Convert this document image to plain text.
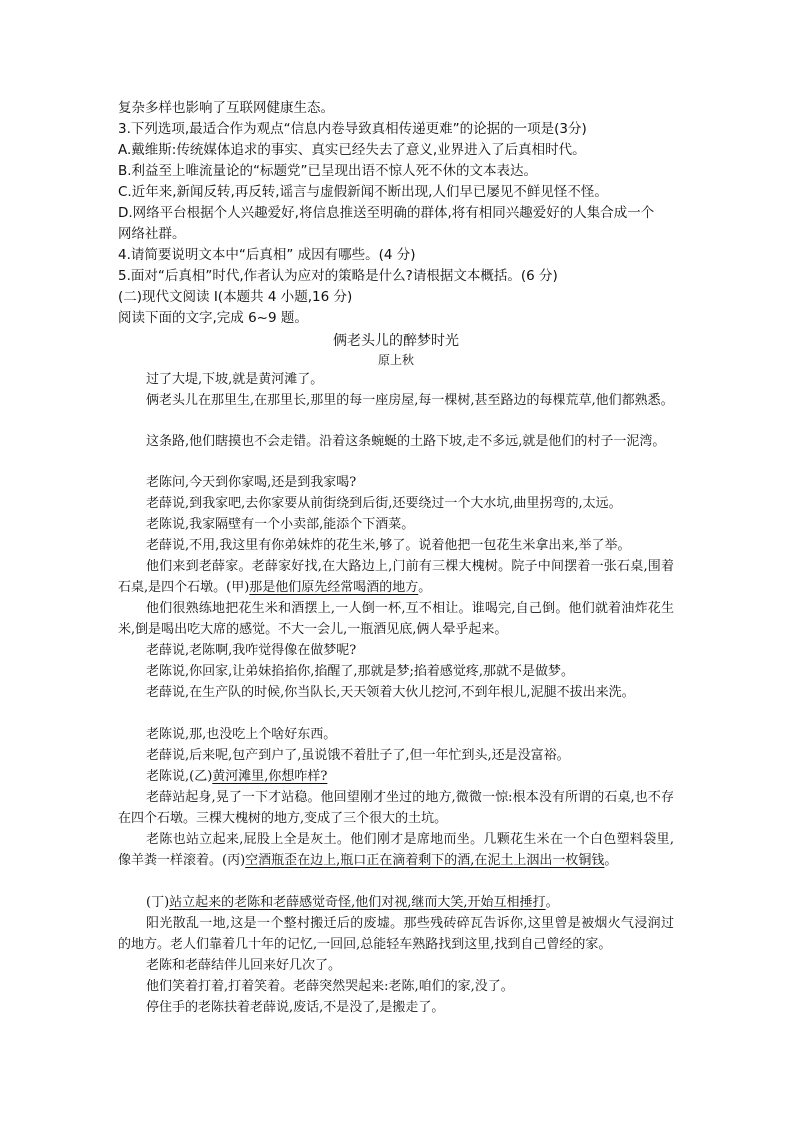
复杂多样也影响了互联网健康生态。
3.下列选项,最适合作为观点“信息内卷导致真相传递更难”的论据的一项是(3分)
A.戴维斯:传统媒体追求的事实、真实已经失去了意义,业界进入了后真相时代。
B.利益至上唯流量论的“标题党”已呈现出语不惊人死不休的文本表达。
C.近年来,新闻反转,再反转,谣言与虚假新闻不断出现,人们早已屡见不鲜见怪不怪。
D.网络平台根据个人兴趣爱好,将信息推送至明确的群体,将有相同兴趣爱好的人集合成一个
网络社群。
4.请简要说明文本中“后真相” 成因有哪些。(4 分)
5.面对“后真相”时代,作者认为应对的策略是什么?请根据文本概括。(6 分)
(二)现代文阅读 I(本题共 4 小题,16 分)
阅读下面的文字,完成 6~9 题。
俩老头儿的醉梦时光
原上秋
过了大堤,下坡,就是黄河滩了。
俩老头儿在那里生,在那里长,那里的每一座房屋,每一棵树,甚至路边的每棵荒草,他们都熟悉。
这条路,他们瞎摸也不会走错。沿着这条蜿蜒的土路下坡,走不多远,就是他们的村子一泥湾。
老陈问,今天到你家喝,还是到我家喝?
老薛说,到我家吧,去你家要从前街绕到后街,还要绕过一个大水坑,曲里拐弯的,太远。
老陈说,我家隔壁有一个小卖部,能添个下酒菜。
老薛说,不用,我这里有你弟妹炸的花生米,够了。说着他把一包花生米拿出来,举了举。
他们来到老薛家。老薛家好找,在大路边上,门前有三棵大槐树。院子中间摆着一张石桌,围着石桌,是四个石墩。(甲)那是他们原先经常喝酒的地方。
他们很熟练地把花生米和酒摆上,一人倒一杯,互不相让。谁喝完,自己倒。他们就着油炸花生米,倒是喝出吃大席的感觉。不大一会儿,一瓶酒见底,俩人晕乎起来。
老薛说,老陈啊,我咋觉得像在做梦呢?
老陈说,你回家,让弟妹掐掐你,掐醒了,那就是梦;掐着感觉疼,那就不是做梦。
老薛说,在生产队的时候,你当队长,天天领着大伙儿挖河,不到年根儿,泥腿不拔出来洗。
老陈说,那,也没吃上个啥好东西。
老薛说,后来呢,包产到户了,虽说饿不着肚子了,但一年忙到头,还是没富裕。
老陈说,(乙)黄河滩里,你想咋样?
老薛站起身,晃了一下才站稳。他回望刚才坐过的地方,微微一惊:根本没有所谓的石桌,也不存在四个石墩。三棵大槐树的地方,变成了三个很大的土坑。
老陈也站立起来,屁股上全是灰土。他们刚才是席地而坐。几颗花生米在一个白色塑料袋里,像羊粪一样滚着。(丙)空酒瓶歪在边上,瓶口正在滴着剩下的酒,在泥土上洇出一枚铜钱。
(丁)站立起来的老陈和老薛感觉奇怪,他们对视,继而大笑,开始互相捶打。
阳光散乱一地,这是一个整村搬迁后的废墟。那些残砖碎瓦告诉你,这里曾是被烟火气浸润过的地方。老人们靠着几十年的记忆,一回回,总能轻车熟路找到这里,找到自己曾经的家。
老陈和老薛结伴儿回来好几次了。
他们笑着打着,打着笑着。老薛突然哭起来:老陈,咱们的家,没了。
停住手的老陈扶着老薛说,废话,不是没了,是搬走了。
